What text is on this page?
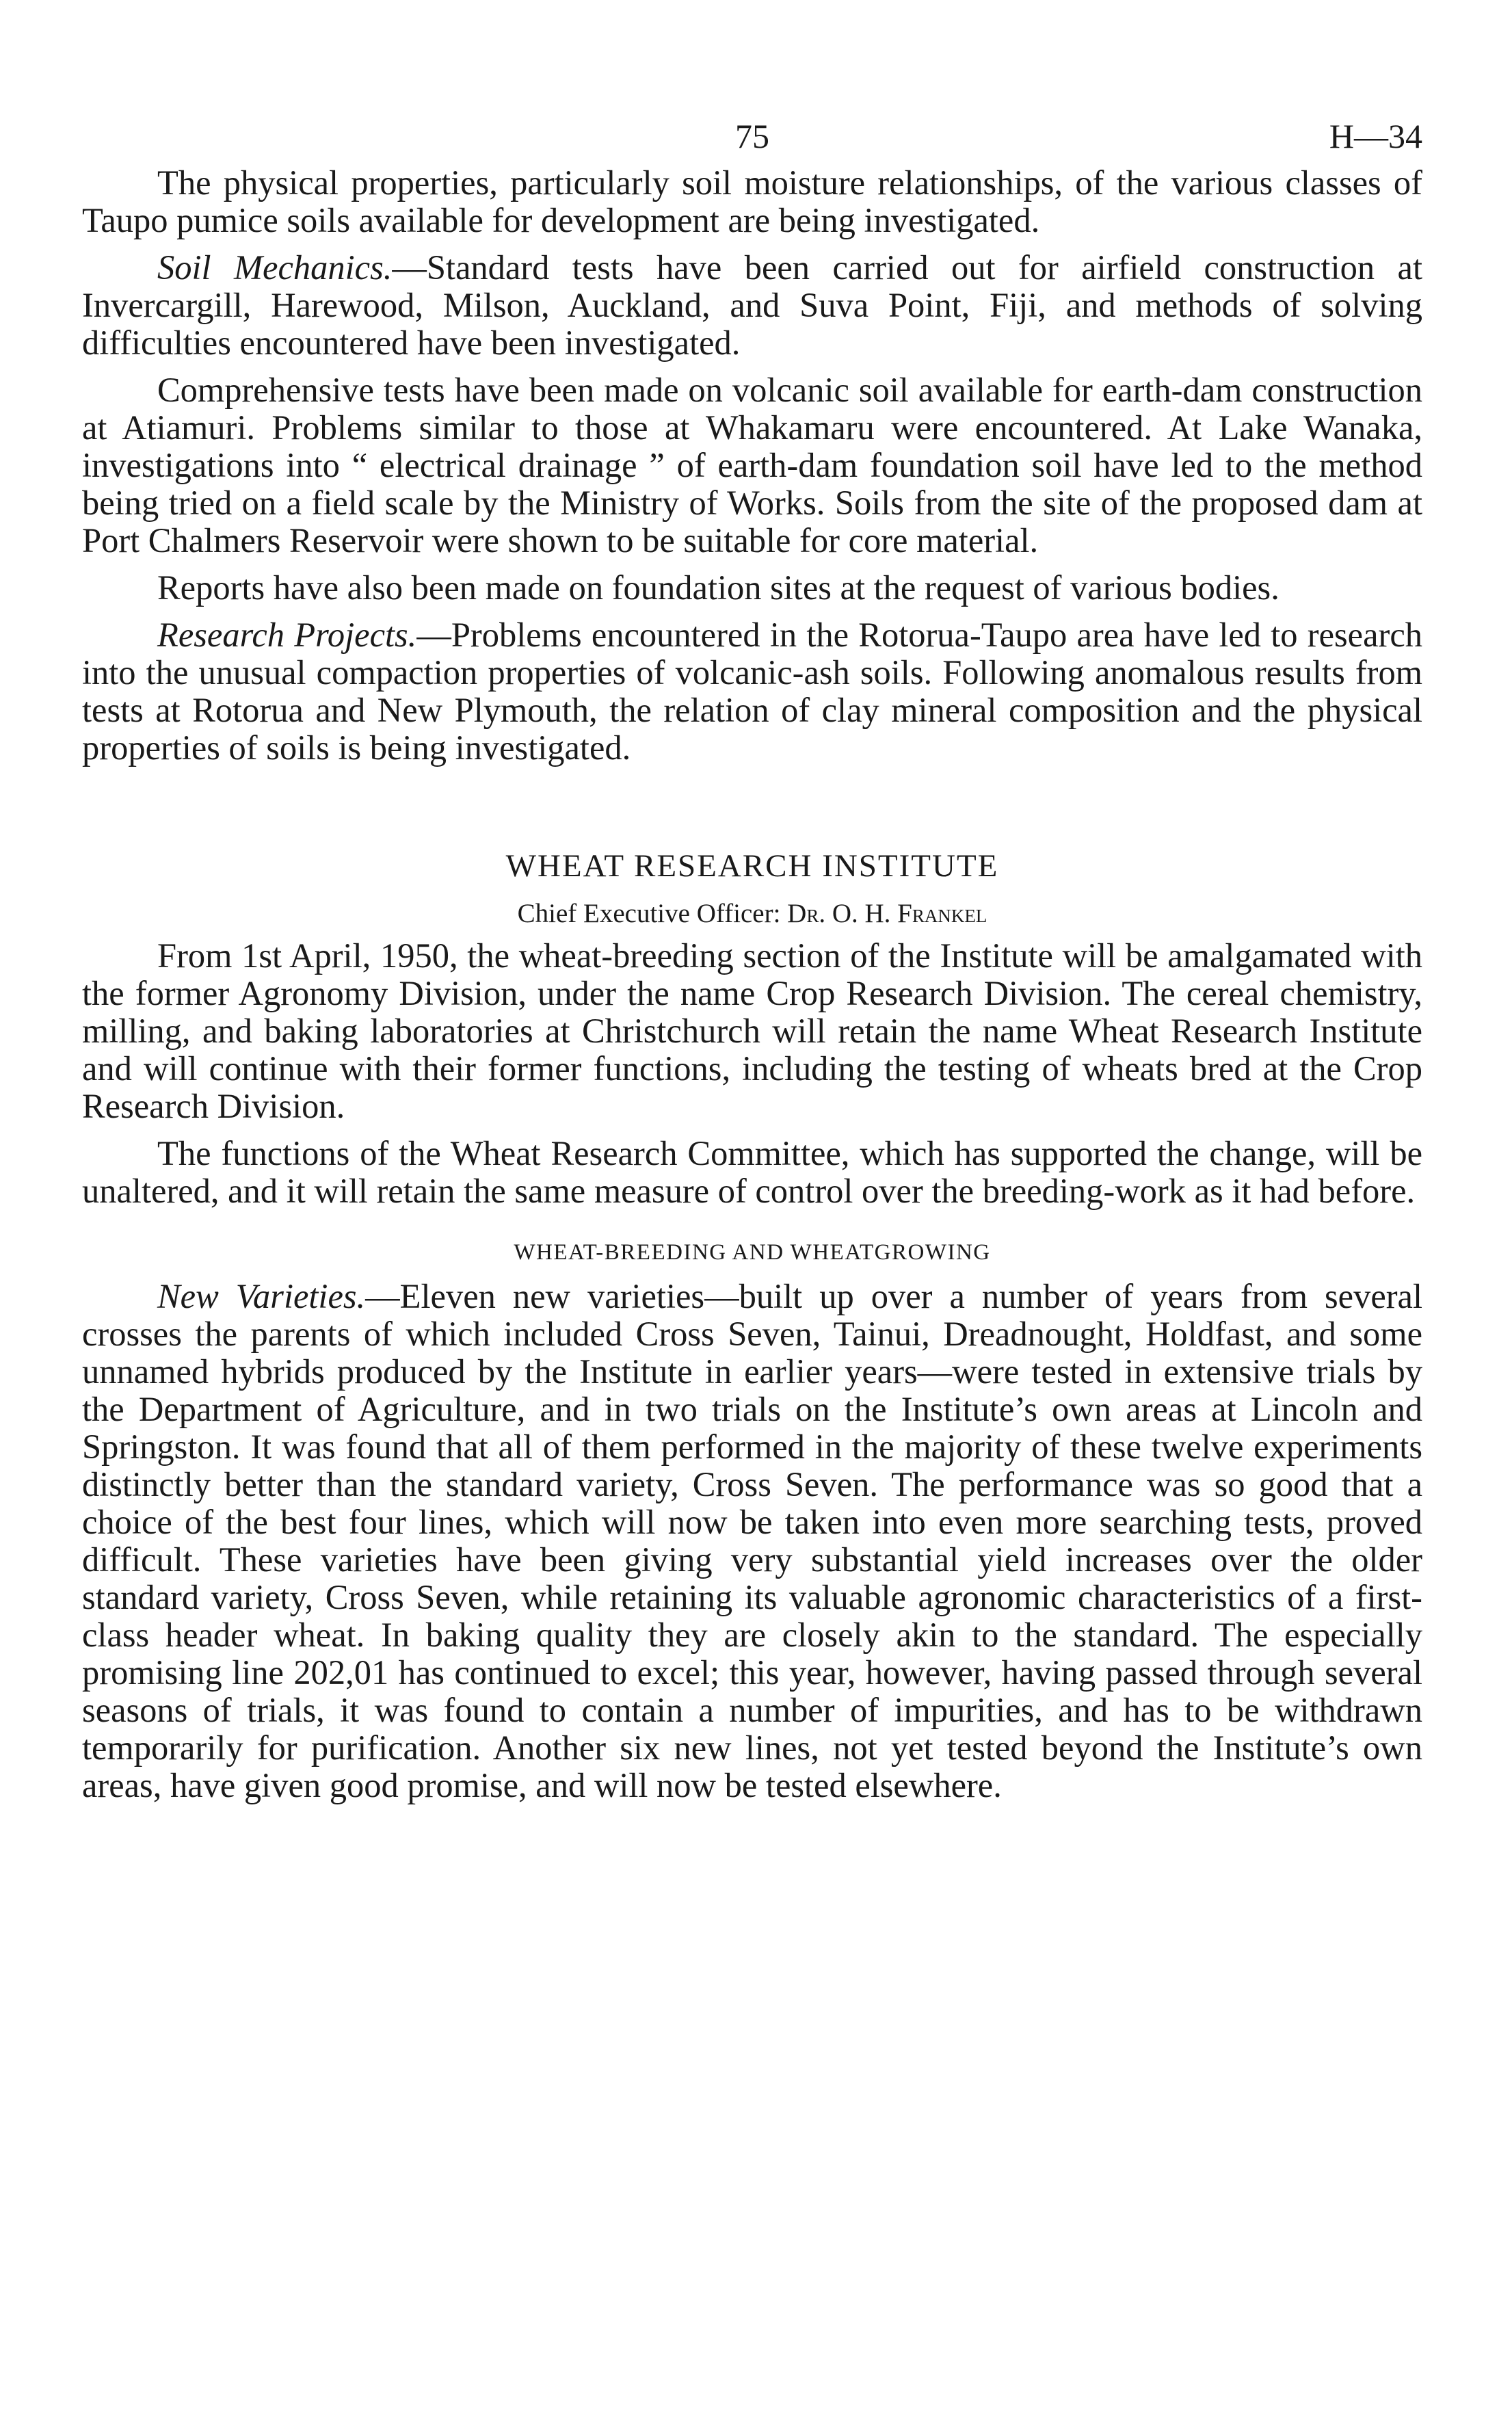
75	H—34

The physical properties, particularly soil moisture relationships, of the various classes of Taupo pumice soils available for development are being investigated.

Soil Mechanics.—Standard tests have been carried out for airfield construction at Invercargill, Harewood, Milson, Auckland, and Suva Point, Fiji, and methods of solving difficulties encountered have been investigated.

Comprehensive tests have been made on volcanic soil available for earth-dam construction at Atiamuri. Problems similar to those at Whakamaru were encountered. At Lake Wanaka, investigations into “ electrical drainage ” of earth-dam foundation soil have led to the method being tried on a field scale by the Ministry of Works. Soils from the site of the proposed dam at Port Chalmers Reservoir were shown to be suitable for core material.

Reports have also been made on foundation sites at the request of various bodies.

Research Projects.—Problems encountered in the Rotorua-Taupo area have led to research into the unusual compaction properties of volcanic-ash soils. Following anomalous results from tests at Rotorua and New Plymouth, the relation of clay mineral composition and the physical properties of soils is being investigated.

WHEAT RESEARCH INSTITUTE
Chief Executive Officer: Dr. O. H. Frankel

From 1st April, 1950, the wheat-breeding section of the Institute will be amalgamated with the former Agronomy Division, under the name Crop Research Division. The cereal chemistry, milling, and baking laboratories at Christchurch will retain the name Wheat Research Institute and will continue with their former functions, including the testing of wheats bred at the Crop Research Division.

The functions of the Wheat Research Committee, which has supported the change, will be unaltered, and it will retain the same measure of control over the breeding-work as it had before.

WHEAT-BREEDING AND WHEATGROWING

New Varieties.—Eleven new varieties—built up over a number of years from several crosses the parents of which included Cross Seven, Tainui, Dreadnought, Holdfast, and some unnamed hybrids produced by the Institute in earlier years—were tested in extensive trials by the Department of Agriculture, and in two trials on the Institute’s own areas at Lincoln and Springston. It was found that all of them performed in the majority of these twelve experiments distinctly better than the standard variety, Cross Seven. The performance was so good that a choice of the best four lines, which will now be taken into even more searching tests, proved difficult. These varieties have been giving very substantial yield increases over the older standard variety, Cross Seven, while retaining its valuable agronomic characteristics of a first-class header wheat. In baking quality they are closely akin to the standard. The especially promising line 202,01 has continued to excel; this year, however, having passed through several seasons of trials, it was found to contain a number of impurities, and has to be withdrawn temporarily for purification. Another six new lines, not yet tested beyond the Institute’s own areas, have given good promise, and will now be tested elsewhere.
